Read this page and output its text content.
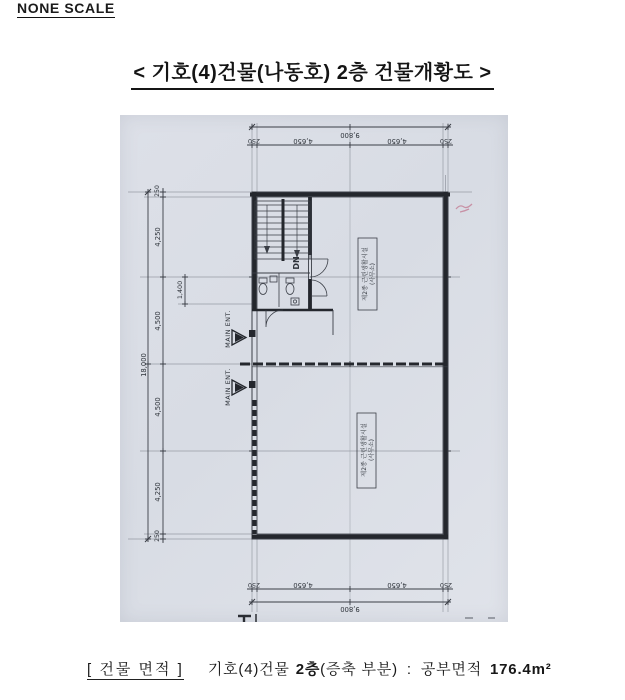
NONE SCALE
< 기호(4)건물(나동호) 2층 건물개황도 >
9,800
250	4,650	4,650	250
250	4,650	4,650	250
9,800
18,000
250
4,250
1,400
4,500
4,500
4,250
250
DN	제2종 근린생활시설 (사무소)
제2종 근린생활시설 (사무소)
MAIN ENT.
MAIN ENT.
[ 건물 면적 ] 기호(4)건물 2층(증축 부분) : 공부면적 176.4m²
